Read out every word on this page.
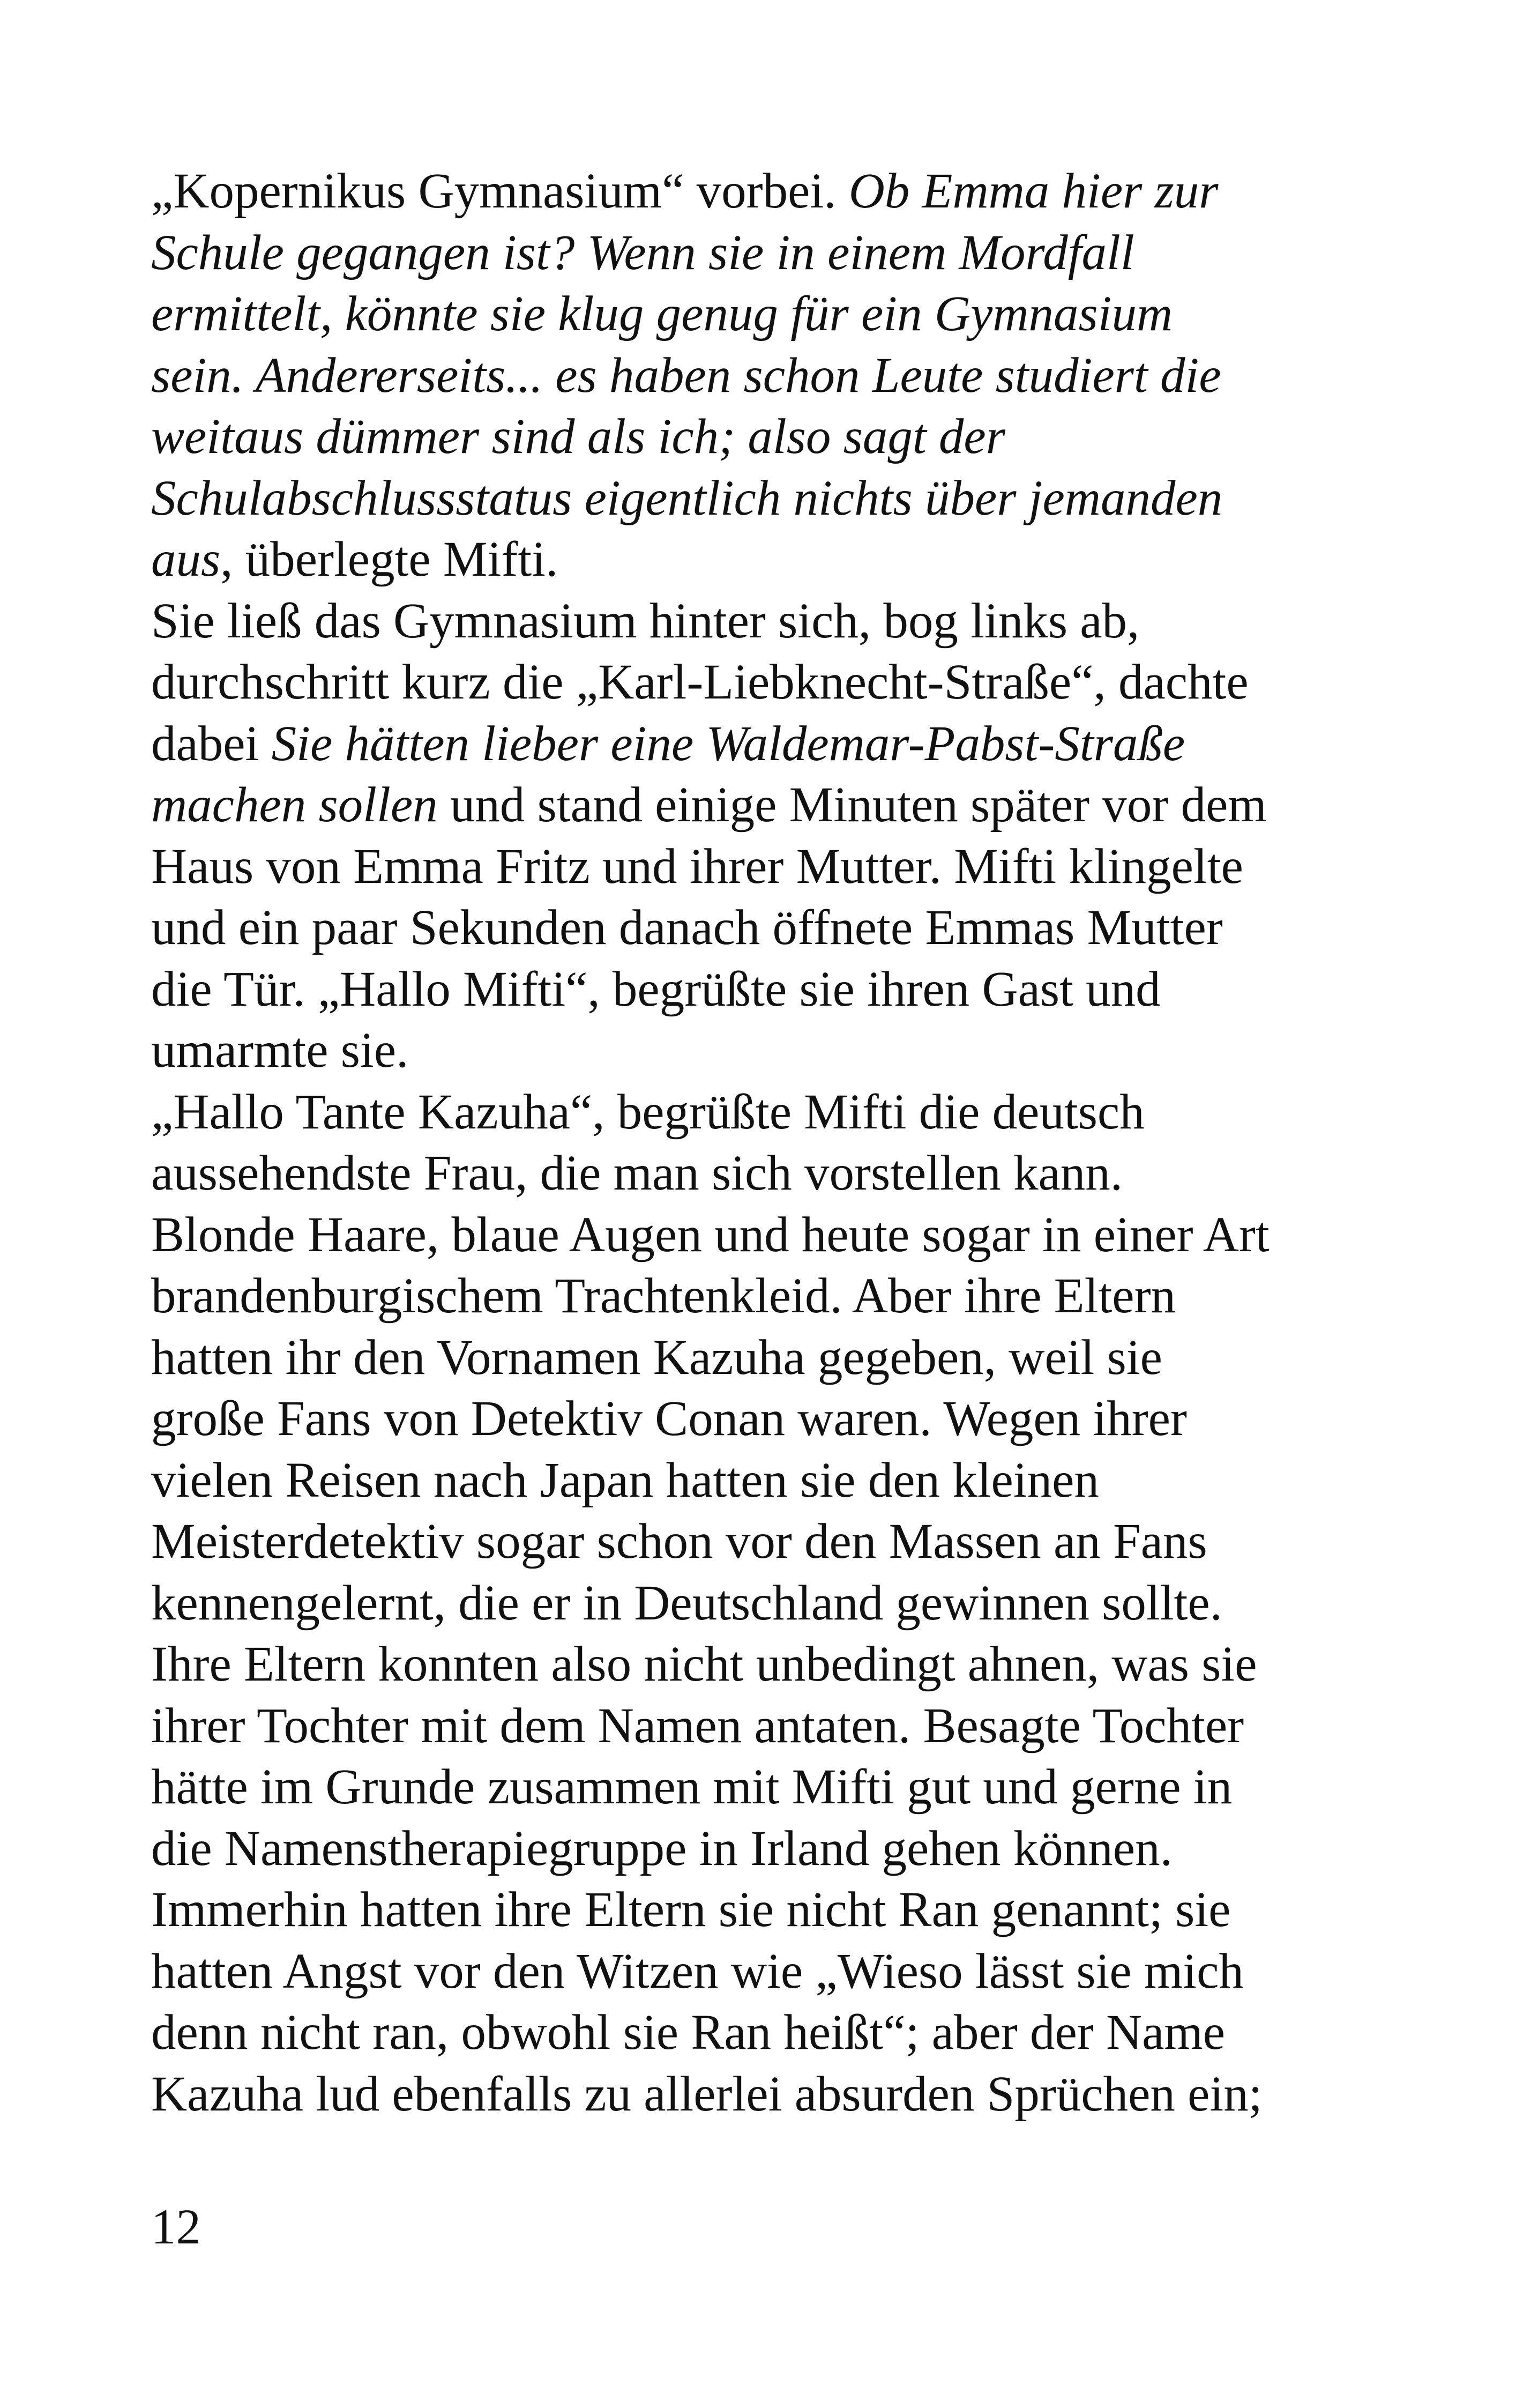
„Kopernikus Gymnasium“ vorbei. Ob Emma hier zur
Schule gegangen ist? Wenn sie in einem Mordfall
ermittelt, könnte sie klug genug für ein Gymnasium
sein. Andererseits... es haben schon Leute studiert die
weitaus dümmer sind als ich; also sagt der
Schulabschlussstatus eigentlich nichts über jemanden
aus, überlegte Mifti.
Sie ließ das Gymnasium hinter sich, bog links ab,
durchschritt kurz die „Karl-Liebknecht-Straße“, dachte
dabei Sie hätten lieber eine Waldemar-Pabst-Straße
machen sollen und stand einige Minuten später vor dem
Haus von Emma Fritz und ihrer Mutter. Mifti klingelte
und ein paar Sekunden danach öffnete Emmas Mutter
die Tür. „Hallo Mifti“, begrüßte sie ihren Gast und
umarmte sie.
„Hallo Tante Kazuha“, begrüßte Mifti die deutsch
aussehendste Frau, die man sich vorstellen kann.
Blonde Haare, blaue Augen und heute sogar in einer Art
brandenburgischem Trachtenkleid. Aber ihre Eltern
hatten ihr den Vornamen Kazuha gegeben, weil sie
große Fans von Detektiv Conan waren. Wegen ihrer
vielen Reisen nach Japan hatten sie den kleinen
Meisterdetektiv sogar schon vor den Massen an Fans
kennengelernt, die er in Deutschland gewinnen sollte.
Ihre Eltern konnten also nicht unbedingt ahnen, was sie
ihrer Tochter mit dem Namen antaten. Besagte Tochter
hätte im Grunde zusammen mit Mifti gut und gerne in
die Namenstherapiegruppe in Irland gehen können.
Immerhin hatten ihre Eltern sie nicht Ran genannt; sie
hatten Angst vor den Witzen wie „Wieso lässt sie mich
denn nicht ran, obwohl sie Ran heißt“; aber der Name
Kazuha lud ebenfalls zu allerlei absurden Sprüchen ein;
12
